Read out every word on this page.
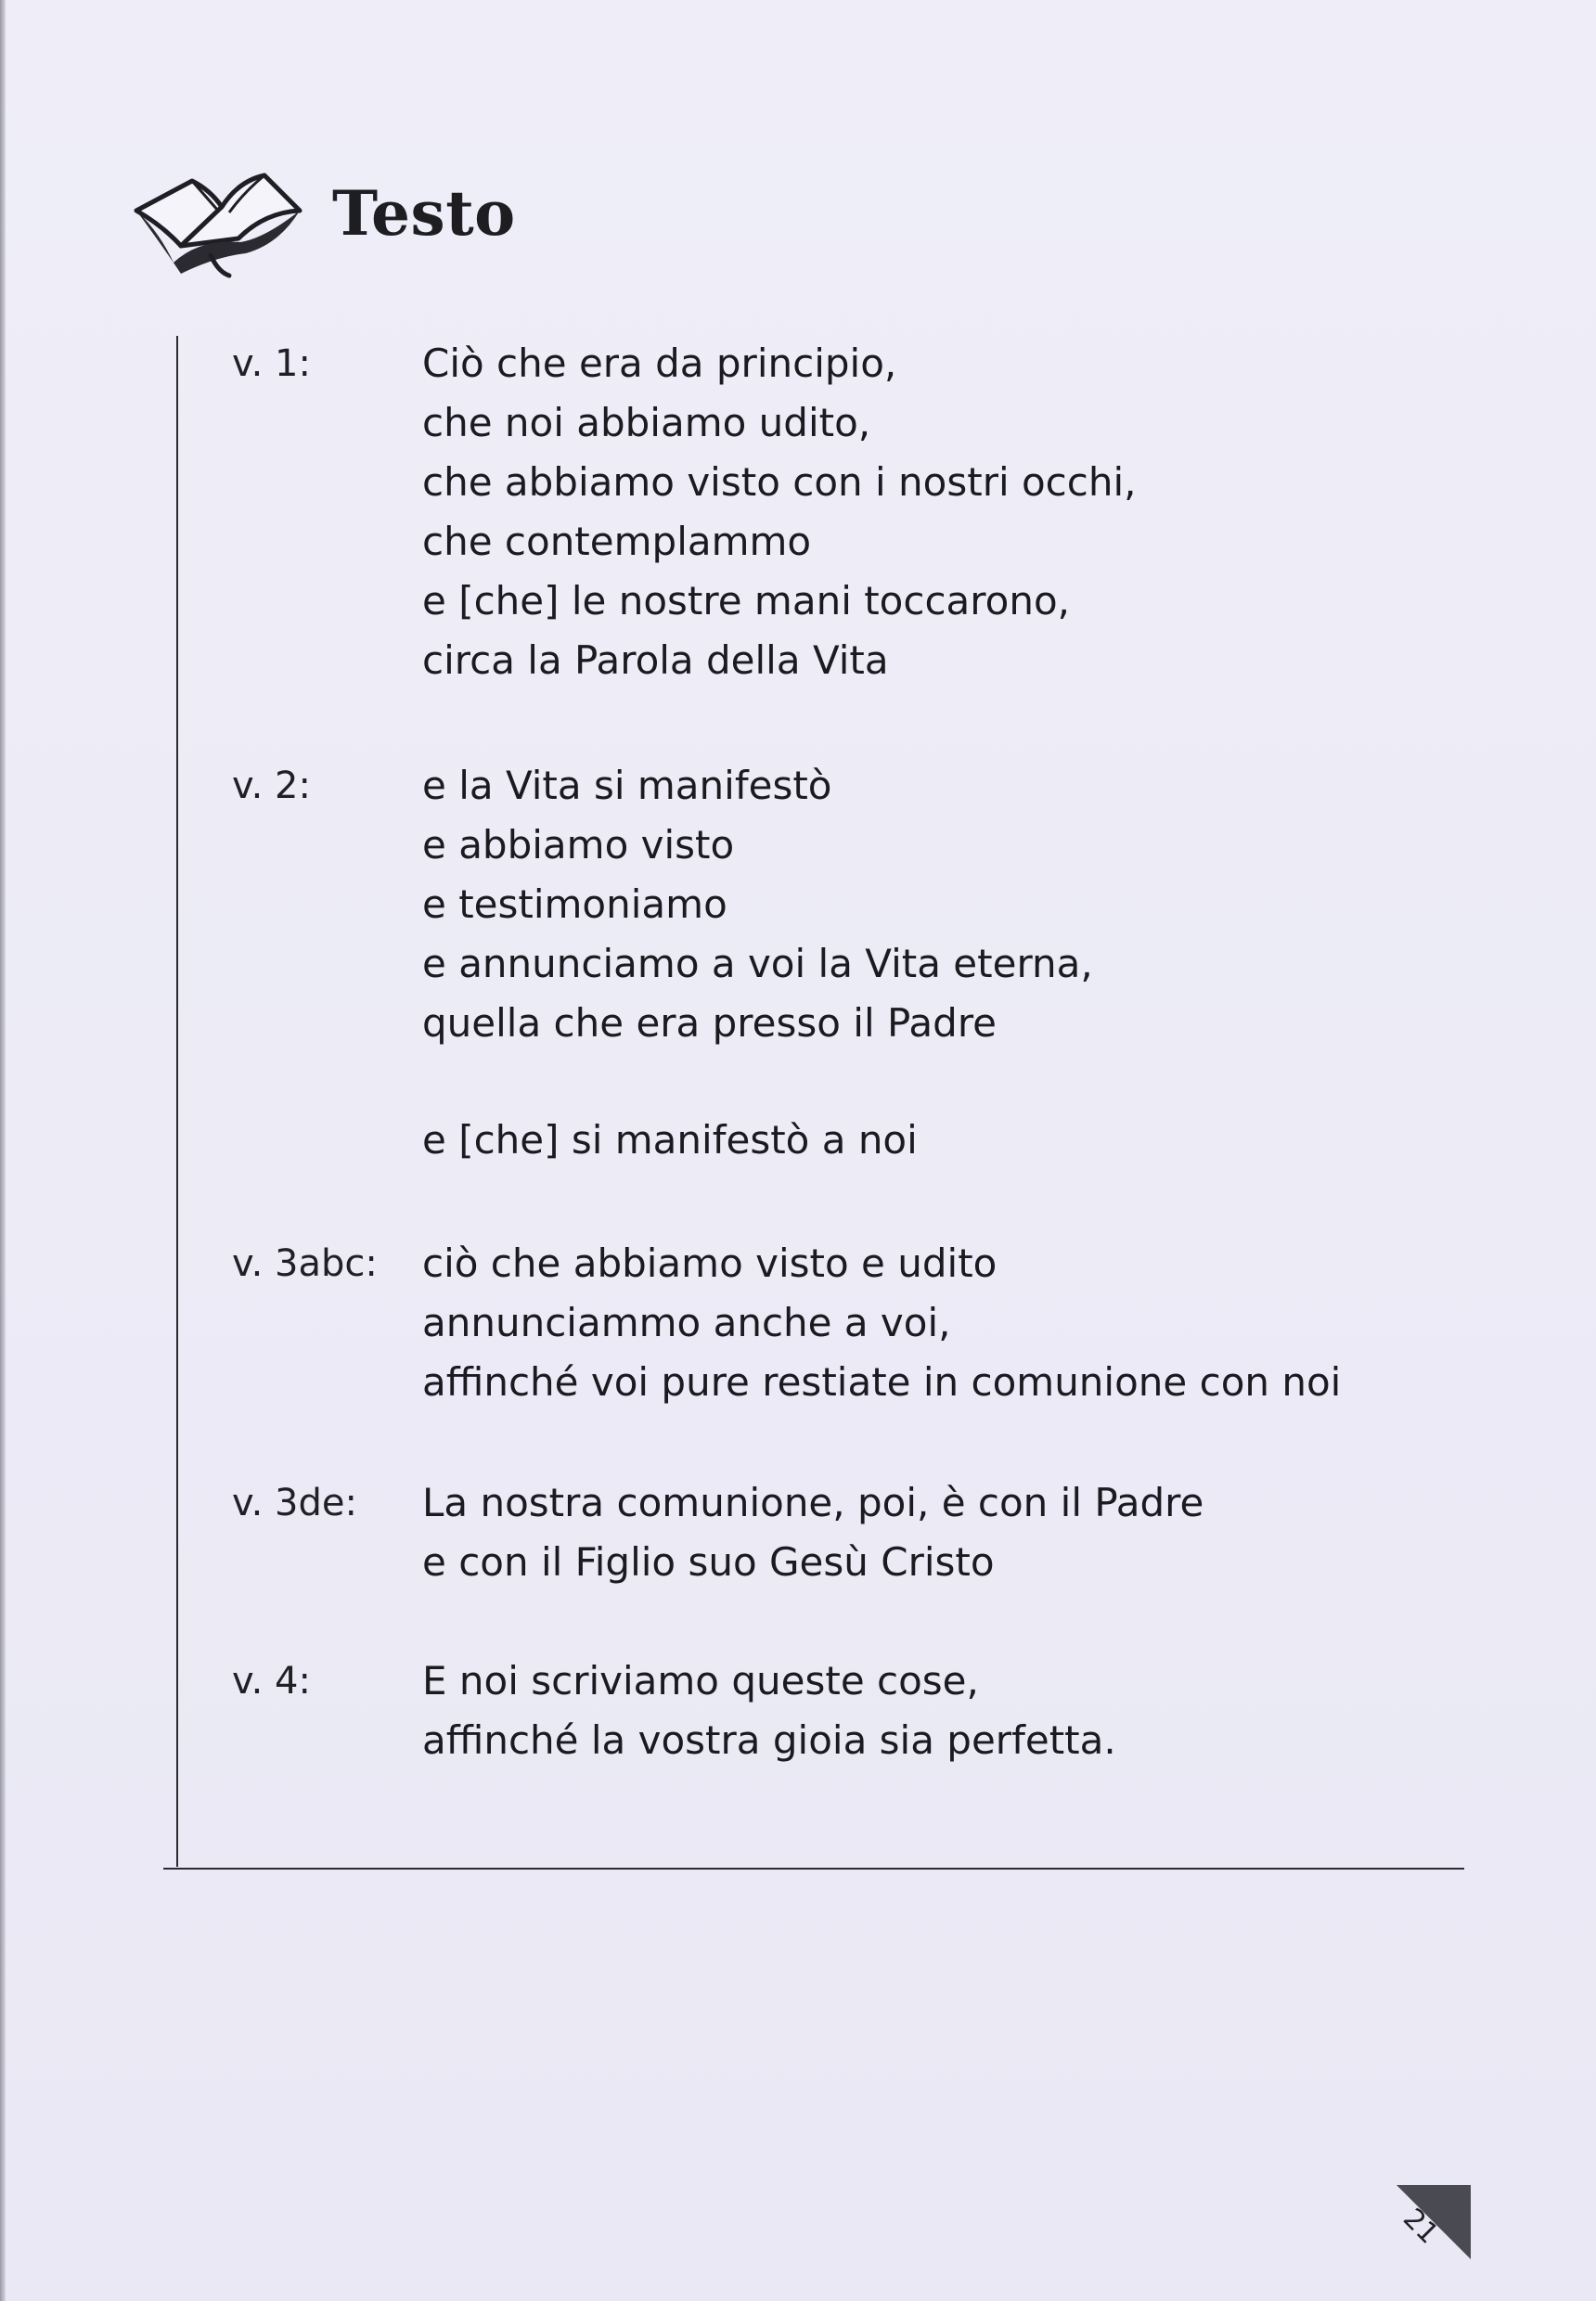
Testo
v. 1:	Ciò che era da principio,
che noi abbiamo udito,
che abbiamo visto con i nostri occhi,
che contemplammo
e [che] le nostre mani toccarono,
circa la Parola della Vita
v. 2:	e la Vita si manifestò
e abbiamo visto
e testimoniamo
e annunciamo a voi la Vita eterna,
quella che era presso il Padre
e [che] si manifestò a noi
v. 3abc:	ciò che abbiamo visto e udito
annunciammo anche a voi,
affinché voi pure restiate in comunione con noi
v. 3de:	La nostra comunione, poi, è con il Padre
e con il Figlio suo Gesù Cristo
v. 4:	E noi scriviamo queste cose,
affinché la vostra gioia sia perfetta.
21
